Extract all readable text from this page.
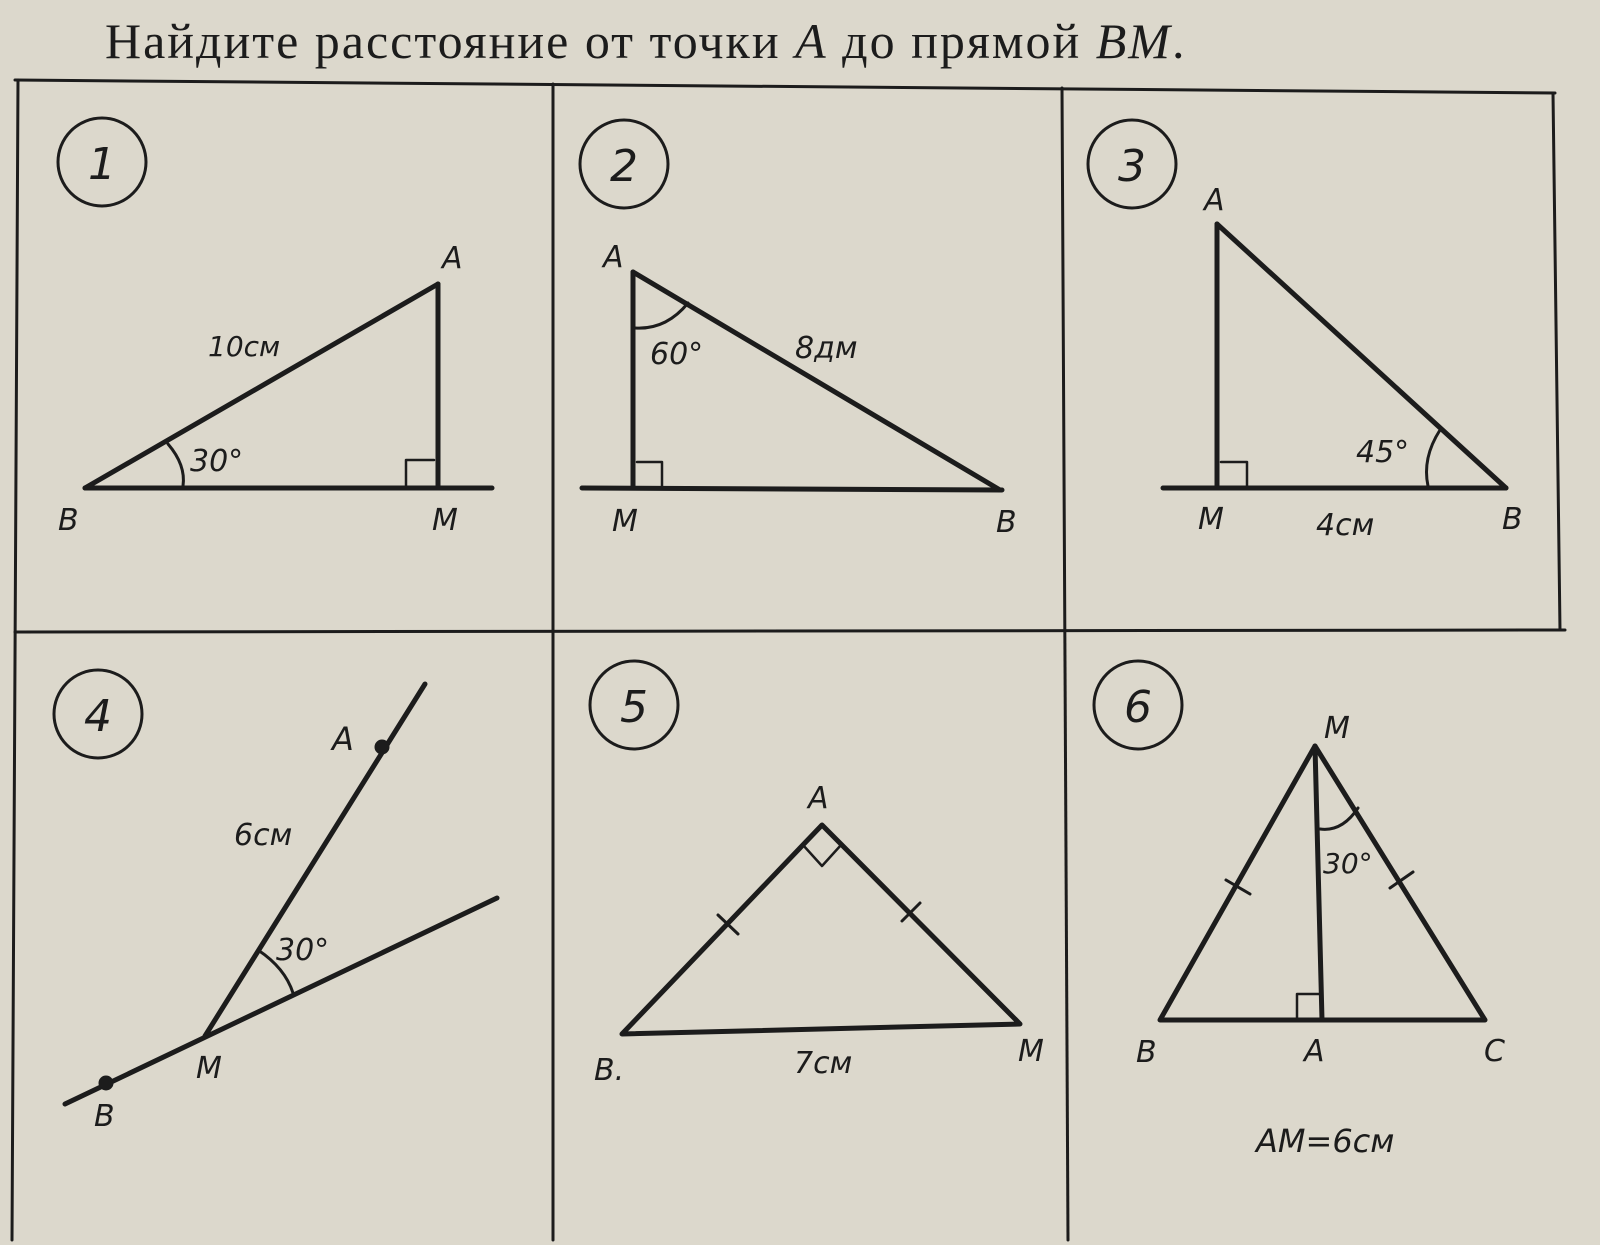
Найдите расстояние от точки A до прямой BM.
1	2	3
4	5	6
A
B	M
10см
30°
A
M	B
60°	8дм
A
M	B
45°
4см
A
M
B
6см
30°
A
B.
M
7см
M
B	A	C
30°
AM=6см
